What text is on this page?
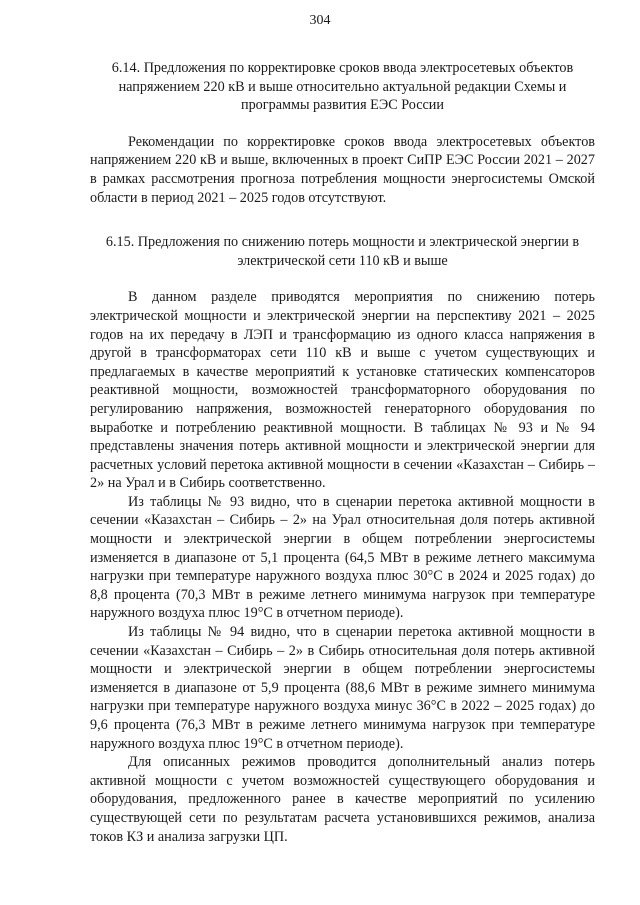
304

6.14. Предложения по корректировке сроков ввода электросетевых объектов напряжением 220 кВ и выше относительно актуальной редакции Схемы и программы развития ЕЭС России

Рекомендации по корректировке сроков ввода электросетевых объектов напряжением 220 кВ и выше, включенных в проект СиПР ЕЭС России 2021 – 2027 в рамках рассмотрения прогноза потребления мощности энергосистемы Омской области в период 2021 – 2025 годов отсутствуют.

6.15. Предложения по снижению потерь мощности и электрической энергии в электрической сети 110 кВ и выше

В данном разделе приводятся мероприятия по снижению потерь электрической мощности и электрической энергии на перспективу 2021 – 2025 годов на их передачу в ЛЭП и трансформацию из одного класса напряжения в другой в трансформаторах сети 110 кВ и выше с учетом существующих и предлагаемых в качестве мероприятий к установке статических компенсаторов реактивной мощности, возможностей трансформаторного оборудования по регулированию напряжения, возможностей генераторного оборудования по выработке и потреблению реактивной мощности. В таблицах № 93 и № 94 представлены значения потерь активной мощности и электрической энергии для расчетных условий перетока активной мощности в сечении «Казахстан – Сибирь – 2» на Урал и в Сибирь соответственно.

Из таблицы № 93 видно, что в сценарии перетока активной мощности в сечении «Казахстан – Сибирь – 2» на Урал относительная доля потерь активной мощности и электрической энергии в общем потреблении энергосистемы изменяется в диапазоне от 5,1 процента (64,5 МВт в режиме летнего максимума нагрузки при температуре наружного воздуха плюс 30°С в 2024 и 2025 годах) до 8,8 процента (70,3 МВт в режиме летнего минимума нагрузок при температуре наружного воздуха плюс 19°С в отчетном периоде).

Из таблицы № 94 видно, что в сценарии перетока активной мощности в сечении «Казахстан – Сибирь – 2» в Сибирь относительная доля потерь активной мощности и электрической энергии в общем потреблении энергосистемы изменяется в диапазоне от 5,9 процента (88,6 МВт в режиме зимнего минимума нагрузки при температуре наружного воздуха минус 36°С в 2022 – 2025 годах) до 9,6 процента (76,3 МВт в режиме летнего минимума нагрузок при температуре наружного воздуха плюс 19°С в отчетном периоде).

Для описанных режимов проводится дополнительный анализ потерь активной мощности с учетом возможностей существующего оборудования и оборудования, предложенного ранее в качестве мероприятий по усилению существующей сети по результатам расчета установившихся режимов, анализа токов КЗ и анализа загрузки ЦП.
